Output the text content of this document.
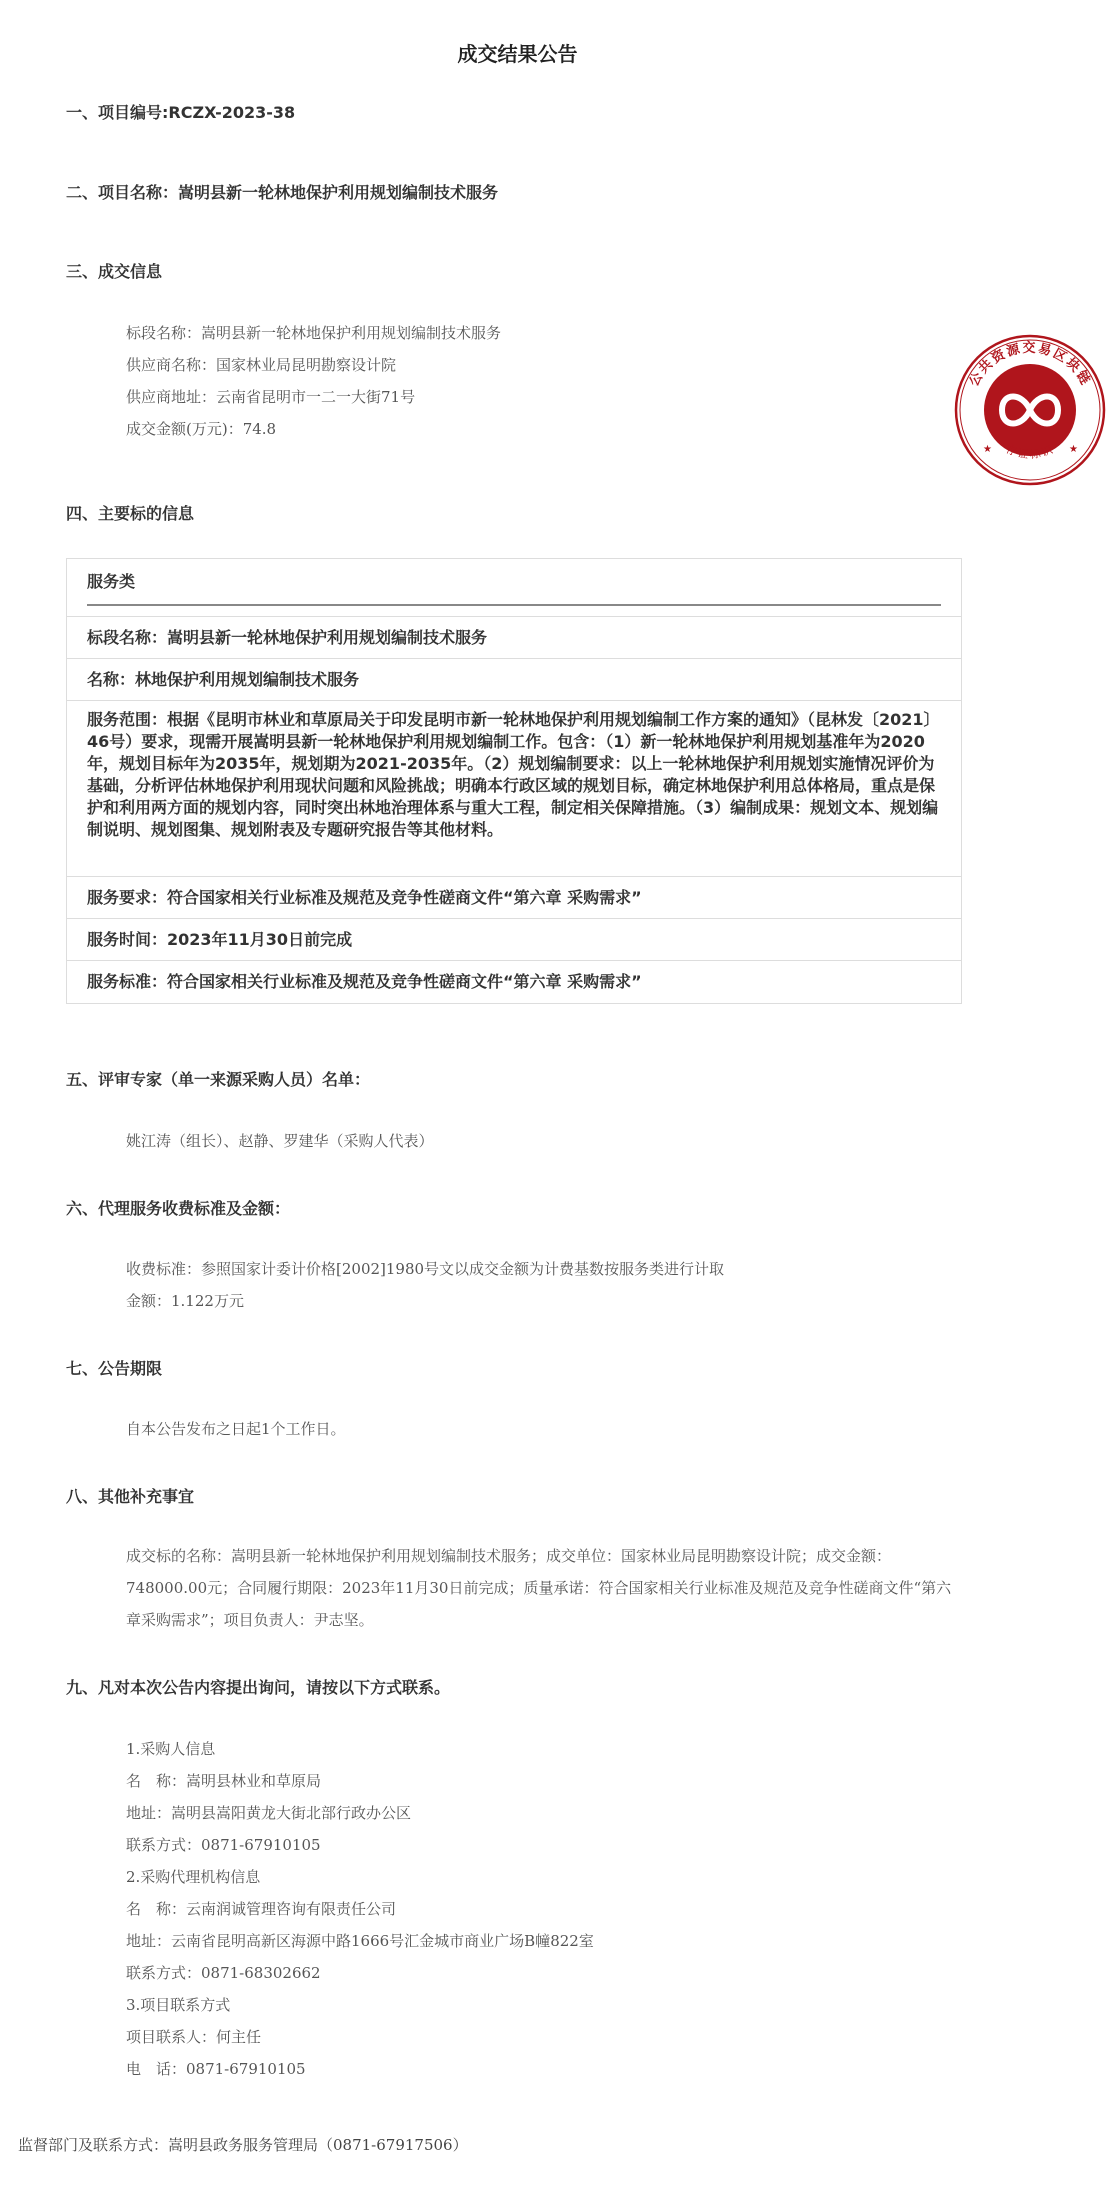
成交结果公告
一、项目编号:RCZX-2023-38
二、项目名称：嵩明县新一轮林地保护利用规划编制技术服务
三、成交信息
标段名称：嵩明县新一轮林地保护利用规划编制技术服务
供应商名称：国家林业局昆明勘察设计院
供应商地址：云南省昆明市一二一大街71号
成交金额(万元)：74.8
公共资源交易区块链
存证标识
★	★
四、主要标的信息
服务类
标段名称：嵩明县新一轮林地保护利用规划编制技术服务
名称：林地保护利用规划编制技术服务
服务范围：根据《昆明市林业和草原局关于印发昆明市新一轮林地保护利用规划编制工作方案的通知》（昆林发〔2021〕46号）要求，现需开展嵩明县新一轮林地保护利用规划编制工作。包含：（1）新一轮林地保护利用规划基准年为2020年，规划目标年为2035年，规划期为2021-2035年。（2）规划编制要求：以上一轮林地保护利用规划实施情况评价为基础，分析评估林地保护利用现状问题和风险挑战；明确本行政区域的规划目标，确定林地保护利用总体格局，重点是保护和利用两方面的规划内容，同时突出林地治理体系与重大工程，制定相关保障措施。（3）编制成果：规划文本、规划编制说明、规划图集、规划附表及专题研究报告等其他材料。
服务要求：符合国家相关行业标准及规范及竞争性磋商文件“第六章 采购需求”
服务时间：2023年11月30日前完成
服务标准：符合国家相关行业标准及规范及竞争性磋商文件“第六章 采购需求”
五、评审专家（单一来源采购人员）名单：
姚江涛（组长）、赵静、罗建华（采购人代表）
六、代理服务收费标准及金额：
收费标准：参照国家计委计价格[2002]1980号文以成交金额为计费基数按服务类进行计取
金额：1.122万元
七、公告期限
自本公告发布之日起1个工作日。
八、其他补充事宜
成交标的名称：嵩明县新一轮林地保护利用规划编制技术服务；成交单位：国家林业局昆明勘察设计院；成交金额：748000.00元；合同履行期限：2023年11月30日前完成；质量承诺：符合国家相关行业标准及规范及竞争性磋商文件“第六章采购需求”；项目负责人：尹志坚。
九、凡对本次公告内容提出询问，请按以下方式联系。
1.采购人信息
名　称：嵩明县林业和草原局
地址：嵩明县嵩阳黄龙大街北部行政办公区
联系方式：0871-67910105
2.采购代理机构信息
名　称：云南润诚管理咨询有限责任公司
地址：云南省昆明高新区海源中路1666号汇金城市商业广场B幢822室
联系方式：0871-68302662
3.项目联系方式
项目联系人：何主任
电　话：0871-67910105
监督部门及联系方式：嵩明县政务服务管理局（0871-67917506）
